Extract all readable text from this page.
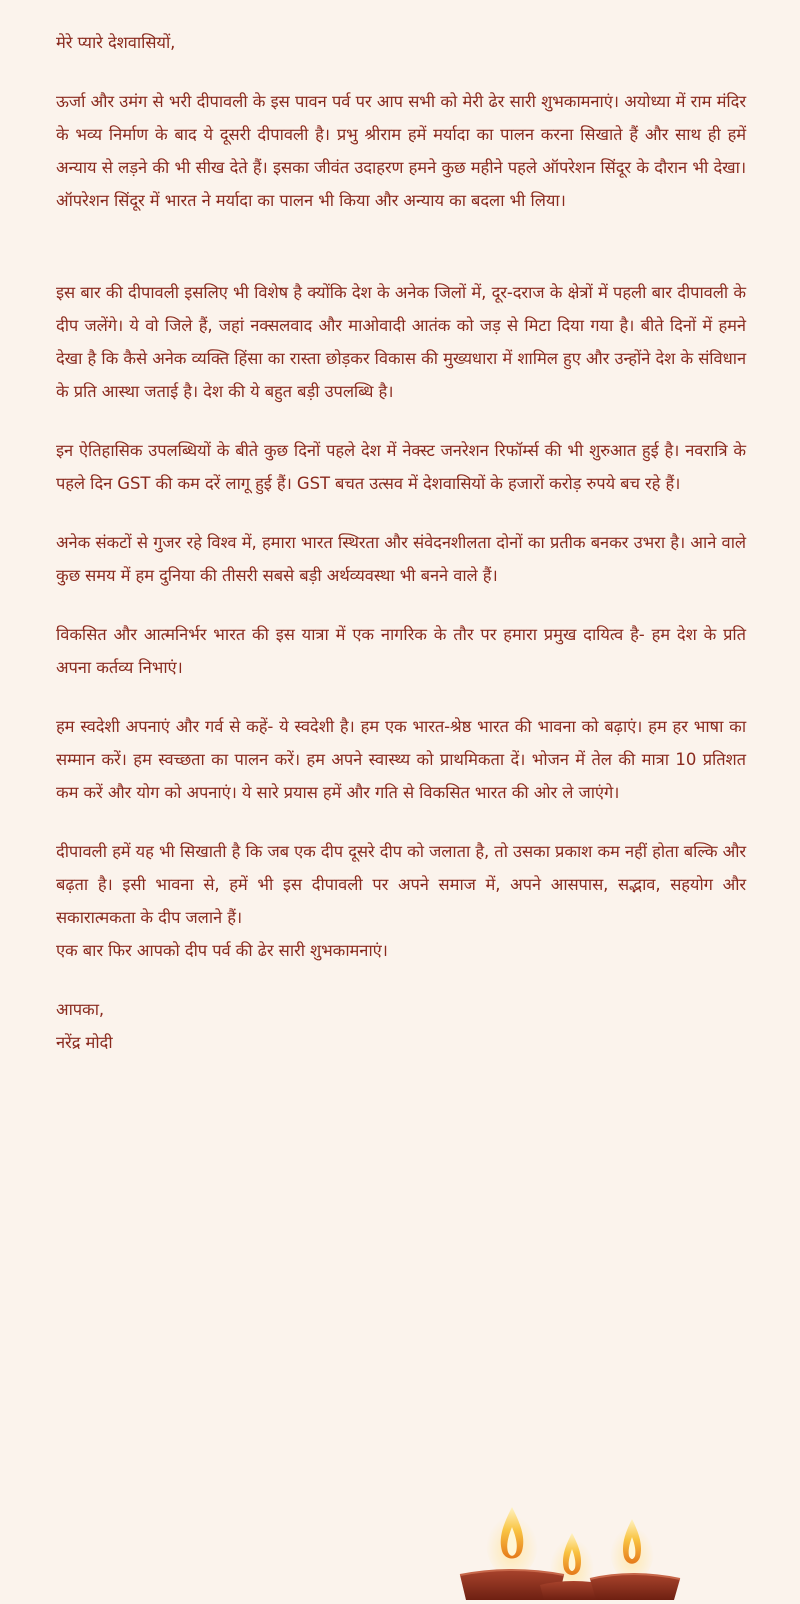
मेरे प्यारे देशवासियों,

ऊर्जा और उमंग से भरी दीपावली के इस पावन पर्व पर आप सभी को मेरी ढेर सारी शुभकामनाएं। अयोध्या में राम मंदिर के भव्य निर्माण के बाद ये दूसरी दीपावली है। प्रभु श्रीराम हमें मर्यादा का पालन करना सिखाते हैं और साथ ही हमें अन्याय से लड़ने की भी सीख देते हैं। इसका जीवंत उदाहरण हमने कुछ महीने पहले ऑपरेशन सिंदूर के दौरान भी देखा। ऑपरेशन सिंदूर में भारत ने मर्यादा का पालन भी किया और अन्याय का बदला भी लिया।

इस बार की दीपावली इसलिए भी विशेष है क्योंकि देश के अनेक जिलों में, दूर-दराज के क्षेत्रों में पहली बार दीपावली के दीप जलेंगे। ये वो जिले हैं, जहां नक्सलवाद और माओवादी आतंक को जड़ से मिटा दिया गया है। बीते दिनों में हमने देखा है कि कैसे अनेक व्यक्ति हिंसा का रास्ता छोड़कर विकास की मुख्यधारा में शामिल हुए और उन्होंने देश के संविधान के प्रति आस्था जताई है। देश की ये बहुत बड़ी उपलब्धि है।

इन ऐतिहासिक उपलब्धियों के बीते कुछ दिनों पहले देश में नेक्स्ट जनरेशन रिफॉर्म्स की भी शुरुआत हुई है। नवरात्रि के पहले दिन GST की कम दरें लागू हुई हैं। GST बचत उत्सव में देशवासियों के हजारों करोड़ रुपये बच रहे हैं।

अनेक संकटों से गुजर रहे विश्व में, हमारा भारत स्थिरता और संवेदनशीलता दोनों का प्रतीक बनकर उभरा है। आने वाले कुछ समय में हम दुनिया की तीसरी सबसे बड़ी अर्थव्यवस्था भी बनने वाले हैं।

विकसित और आत्मनिर्भर भारत की इस यात्रा में एक नागरिक के तौर पर हमारा प्रमुख दायित्व है- हम देश के प्रति अपना कर्तव्य निभाएं।

हम स्वदेशी अपनाएं और गर्व से कहें- ये स्वदेशी है। हम एक भारत-श्रेष्ठ भारत की भावना को बढ़ाएं। हम हर भाषा का सम्मान करें। हम स्वच्छता का पालन करें। हम अपने स्वास्थ्य को प्राथमिकता दें। भोजन में तेल की मात्रा 10 प्रतिशत कम करें और योग को अपनाएं। ये सारे प्रयास हमें और गति से विकसित भारत की ओर ले जाएंगे।

दीपावली हमें यह भी सिखाती है कि जब एक दीप दूसरे दीप को जलाता है, तो उसका प्रकाश कम नहीं होता बल्कि और बढ़ता है। इसी भावना से, हमें भी इस दीपावली पर अपने समाज में, अपने आसपास, सद्भाव, सहयोग और सकारात्मकता के दीप जलाने हैं।

एक बार फिर आपको दीप पर्व की ढेर सारी शुभकामनाएं।

आपका,
नरेंद्र मोदी
